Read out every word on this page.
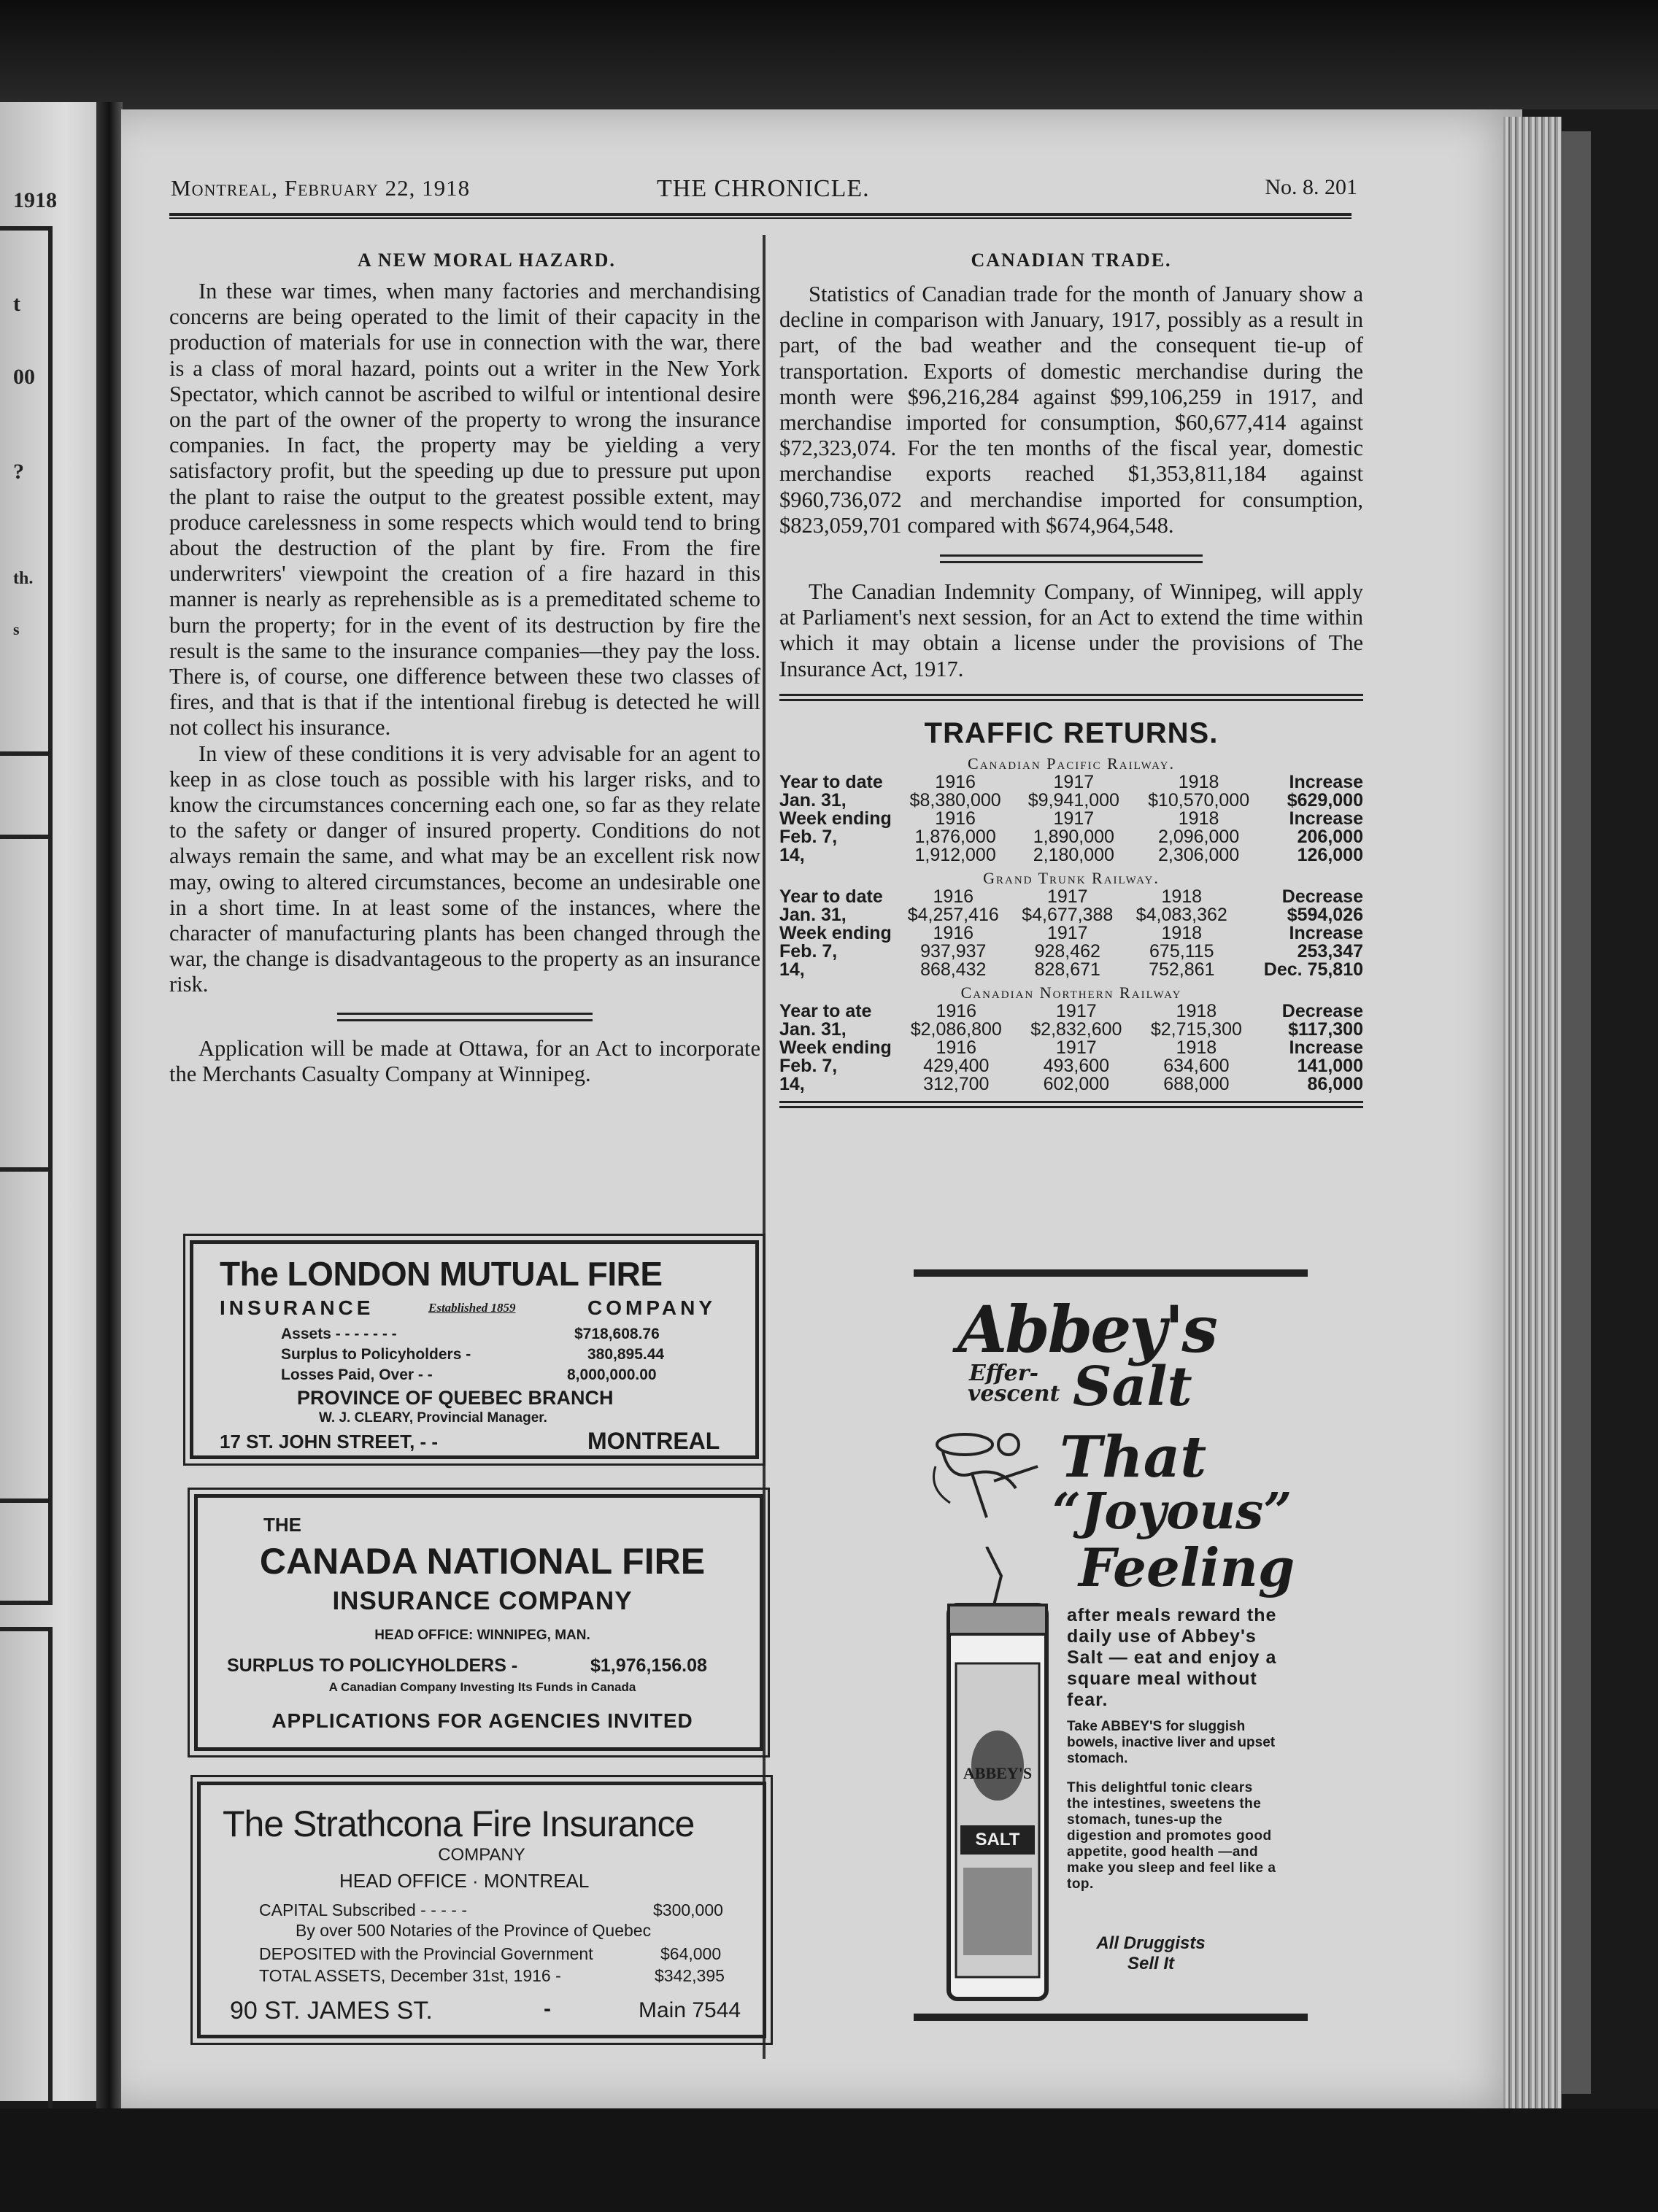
1918
t
00
?
th.
s
Montreal, February 22, 1918	THE CHRONICLE.	No. 8. 201
A NEW MORAL HAZARD.

In these war times, when many factories and merchandising concerns are being operated to the limit of their capacity in the production of materials for use in connection with the war, there is a class of moral hazard, points out a writer in the New York Spectator, which cannot be ascribed to wilful or intentional desire on the part of the owner of the property to wrong the insurance companies. In fact, the property may be yielding a very satisfactory profit, but the speeding up due to pressure put upon the plant to raise the output to the greatest possible extent, may produce carelessness in some respects which would tend to bring about the destruction of the plant by fire. From the fire underwriters' viewpoint the creation of a fire hazard in this manner is nearly as reprehensible as is a premeditated scheme to burn the property; for in the event of its destruction by fire the result is the same to the insurance companies—they pay the loss. There is, of course, one difference between these two classes of fires, and that is that if the intentional firebug is detected he will not collect his insurance.

In view of these conditions it is very advisable for an agent to keep in as close touch as possible with his larger risks, and to know the circumstances concerning each one, so far as they relate to the safety or danger of insured property. Conditions do not always remain the same, and what may be an excellent risk now may, owing to altered circumstances, become an undesirable one in a short time. In at least some of the instances, where the character of manufacturing plants has been changed through the war, the change is disadvantageous to the property as an insurance risk.

Application will be made at Ottawa, for an Act to incorporate the Merchants Casualty Company at Winnipeg.

CANADIAN TRADE.

Statistics of Canadian trade for the month of January show a decline in comparison with January, 1917, possibly as a result in part, of the bad weather and the consequent tie-up of transportation. Exports of domestic merchandise during the month were $96,216,284 against $99,106,259 in 1917, and merchandise imported for consumption, $60,677,414 against $72,323,074. For the ten months of the fiscal year, domestic merchandise exports reached $1,353,811,184 against $960,736,072 and merchandise imported for consumption, $823,059,701 compared with $674,964,548.

The Canadian Indemnity Company, of Winnipeg, will apply at Parliament's next session, for an Act to extend the time within which it may obtain a license under the provisions of The Insurance Act, 1917.

TRAFFIC RETURNS.
Canadian Pacific Railway.
Year to date	1916	1917	1918	Increase
Jan. 31,	$8,380,000	$9,941,000	$10,570,000	$629,000
Week ending	1916	1917	1918	Increase
Feb. 7,	1,876,000	1,890,000	2,096,000	206,000
14,	1,912,000	2,180,000	2,306,000	126,000
Grand Trunk Railway.
Year to date	1916	1917	1918	Decrease
Jan. 31,	$4,257,416	$4,677,388	$4,083,362	$594,026
Week ending	1916	1917	1918	Increase
Feb. 7,	937,937	928,462	675,115	253,347
14,	868,432	828,671	752,861	Dec. 75,810
Canadian Northern Railway
Year to ate	1916	1917	1918	Decrease
Jan. 31,	$2,086,800	$2,832,600	$2,715,300	$117,300
Week ending	1916	1917	1918	Increase
Feb. 7,	429,400	493,600	634,600	141,000
14,	312,700	602,000	688,000	86,000
The LONDON MUTUAL FIRE
INSURANCE	Established 1859	COMPANY
Assets - - - - - - -	$718,608.76
Surplus to Policyholders -	380,895.44
Losses Paid, Over - -	8,000,000.00
PROVINCE OF QUEBEC BRANCH
W. J. CLEARY, Provincial Manager.
17 ST. JOHN STREET, - -	MONTREAL
THE
CANADA NATIONAL FIRE
INSURANCE COMPANY
HEAD OFFICE: WINNIPEG, MAN.
SURPLUS TO POLICYHOLDERS -	$1,976,156.08
A Canadian Company Investing Its Funds in Canada
APPLICATIONS FOR AGENCIES INVITED
The Strathcona Fire Insurance
COMPANY
HEAD OFFICE · MONTREAL
CAPITAL Subscribed - - - - -	$300,000
By over 500 Notaries of the Province of Quebec
DEPOSITED with the Provincial Government	$64,000
TOTAL ASSETS, December 31st, 1916 -	$342,395
90 ST. JAMES ST.	-	Main 7544
Abbey's
Effer-
vescent Salt
That
“Joyous”
Feeling
ABBEY'S
SALT
after meals reward the daily use of Abbey's Salt — eat and enjoy a square meal without fear.
Take ABBEY'S for sluggish bowels, inactive liver and upset stomach.
This delightful tonic clears the intestines, sweetens the stomach, tunes-up the digestion and promotes good appetite, good health —and make you sleep and feel like a top.
All Druggists Sell It
